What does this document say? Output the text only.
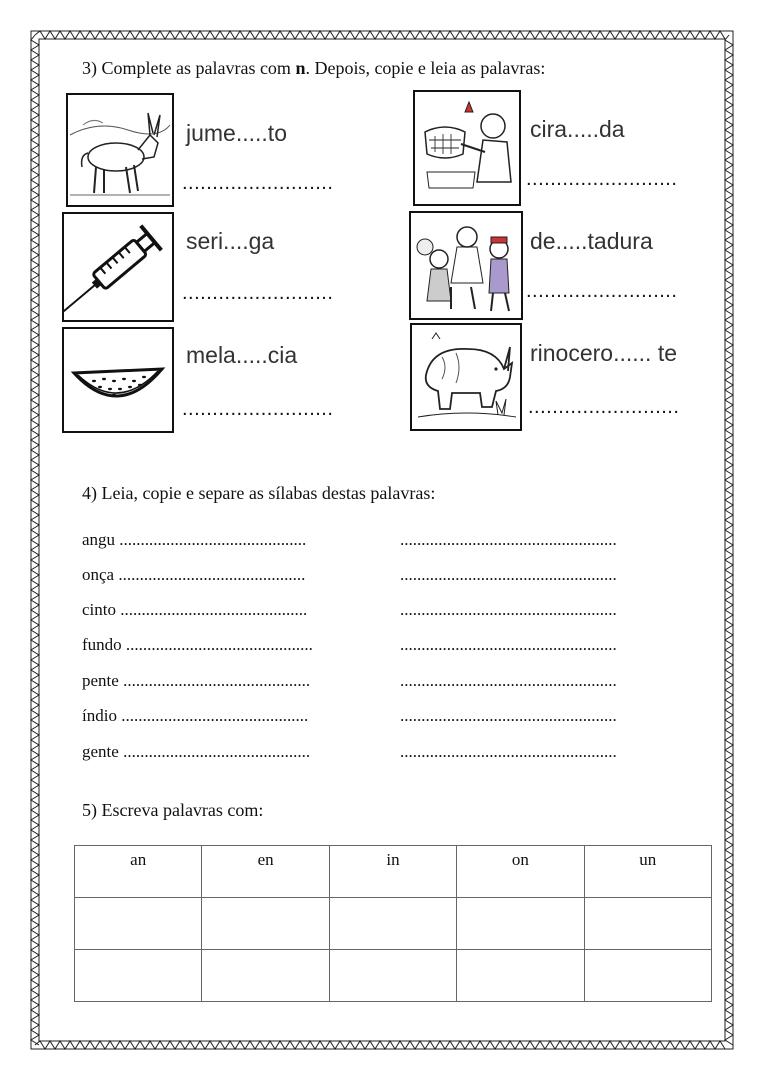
3) Complete as palavras com n. Depois, copie e leia as palavras:
jume.....to
.........................
seri....ga
.........................
mela.....cia
.........................
cira.....da
.........................
de.....tadura
.........................
rinocero...... te
.........................
4) Leia, copie e separe as sílabas destas palavras:
angu ............................................	...................................................
onça ............................................	...................................................
cinto ............................................	...................................................
fundo ............................................	...................................................
pente ............................................	...................................................
índio ............................................	...................................................
gente ............................................	...................................................
5) Escreva palavras com:
an	en	in	on	un
